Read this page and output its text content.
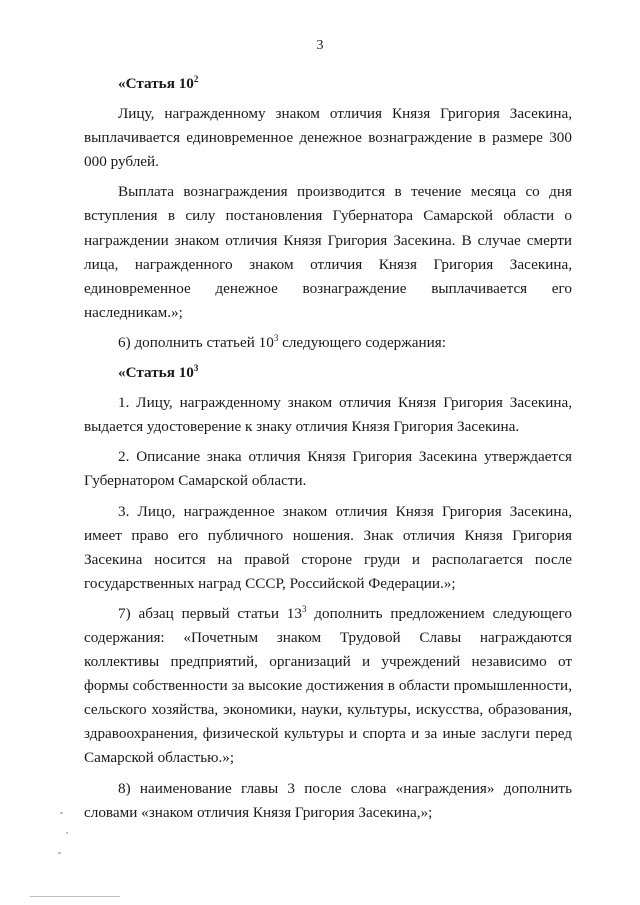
3

«Статья $10^2$

Лицу, награжденному знаком отличия Князя Григория Засекина, выплачивается единовременное денежное вознаграждение в размере 300 000 рублей.

Выплата вознаграждения производится в течение месяца со дня вступления в силу постановления Губернатора Самарской области о награждении знаком отличия Князя Григория Засекина. В случае смерти лица, награжденного знаком отличия Князя Григория Засекина, единовременное денежное вознаграждение выплачивается его наследникам.»;

6) дополнить статьей $10^3$ следующего содержания:

«Статья $10^3$

1. Лицу, награжденному знаком отличия Князя Григория Засекина, выдается удостоверение к знаку отличия Князя Григория Засекина.

2. Описание знака отличия Князя Григория Засекина утверждается Губернатором Самарской области.

3. Лицо, награжденное знаком отличия Князя Григория Засекина, имеет право его публичного ношения. Знак отличия Князя Григория Засекина носится на правой стороне груди и располагается после государственных наград СССР, Российской Федерации.»;

7) абзац первый статьи $13^3$ дополнить предложением следующего содержания: «Почетным знаком Трудовой Славы награждаются коллективы предприятий, организаций и учреждений независимо от формы собственности за высокие достижения в области промышленности, сельского хозяйства, экономики, науки, культуры, искусства, образования, здравоохранения, физической культуры и спорта и за иные заслуги перед Самарской областью.»;

8) наименование главы 3 после слова «награждения» дополнить словами «знаком отличия Князя Григория Засекина,»;
